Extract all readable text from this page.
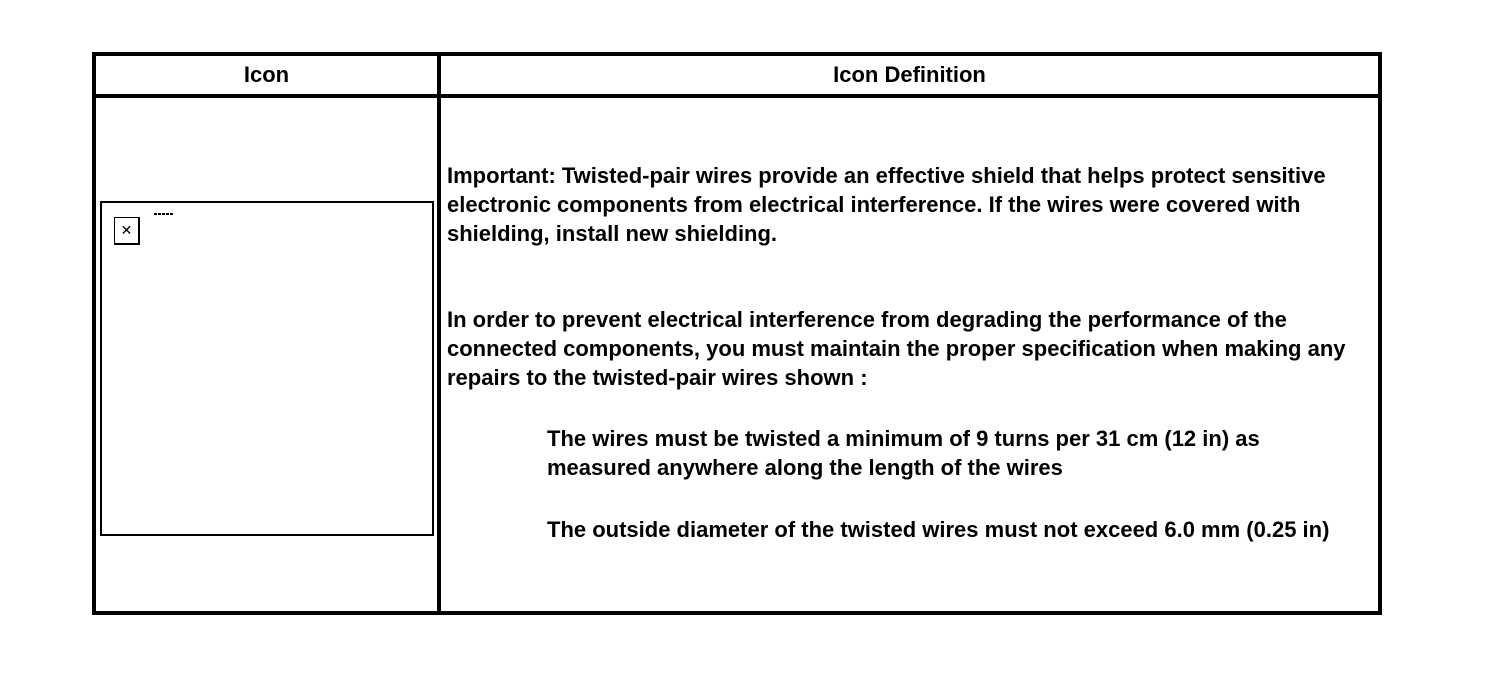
Icon	Icon Definition
✕

Important: Twisted-pair wires provide an effective shield that helps protect sensitive electronic components from electrical interference. If the wires were covered with shielding, install new shielding.

In order to prevent electrical interference from degrading the performance of the connected components, you must maintain the proper specification when making any repairs to the twisted-pair wires shown :

The wires must be twisted a minimum of 9 turns per 31 cm (12 in) as measured anywhere along the length of the wires

The outside diameter of the twisted wires must not exceed 6.0 mm (0.25 in)
